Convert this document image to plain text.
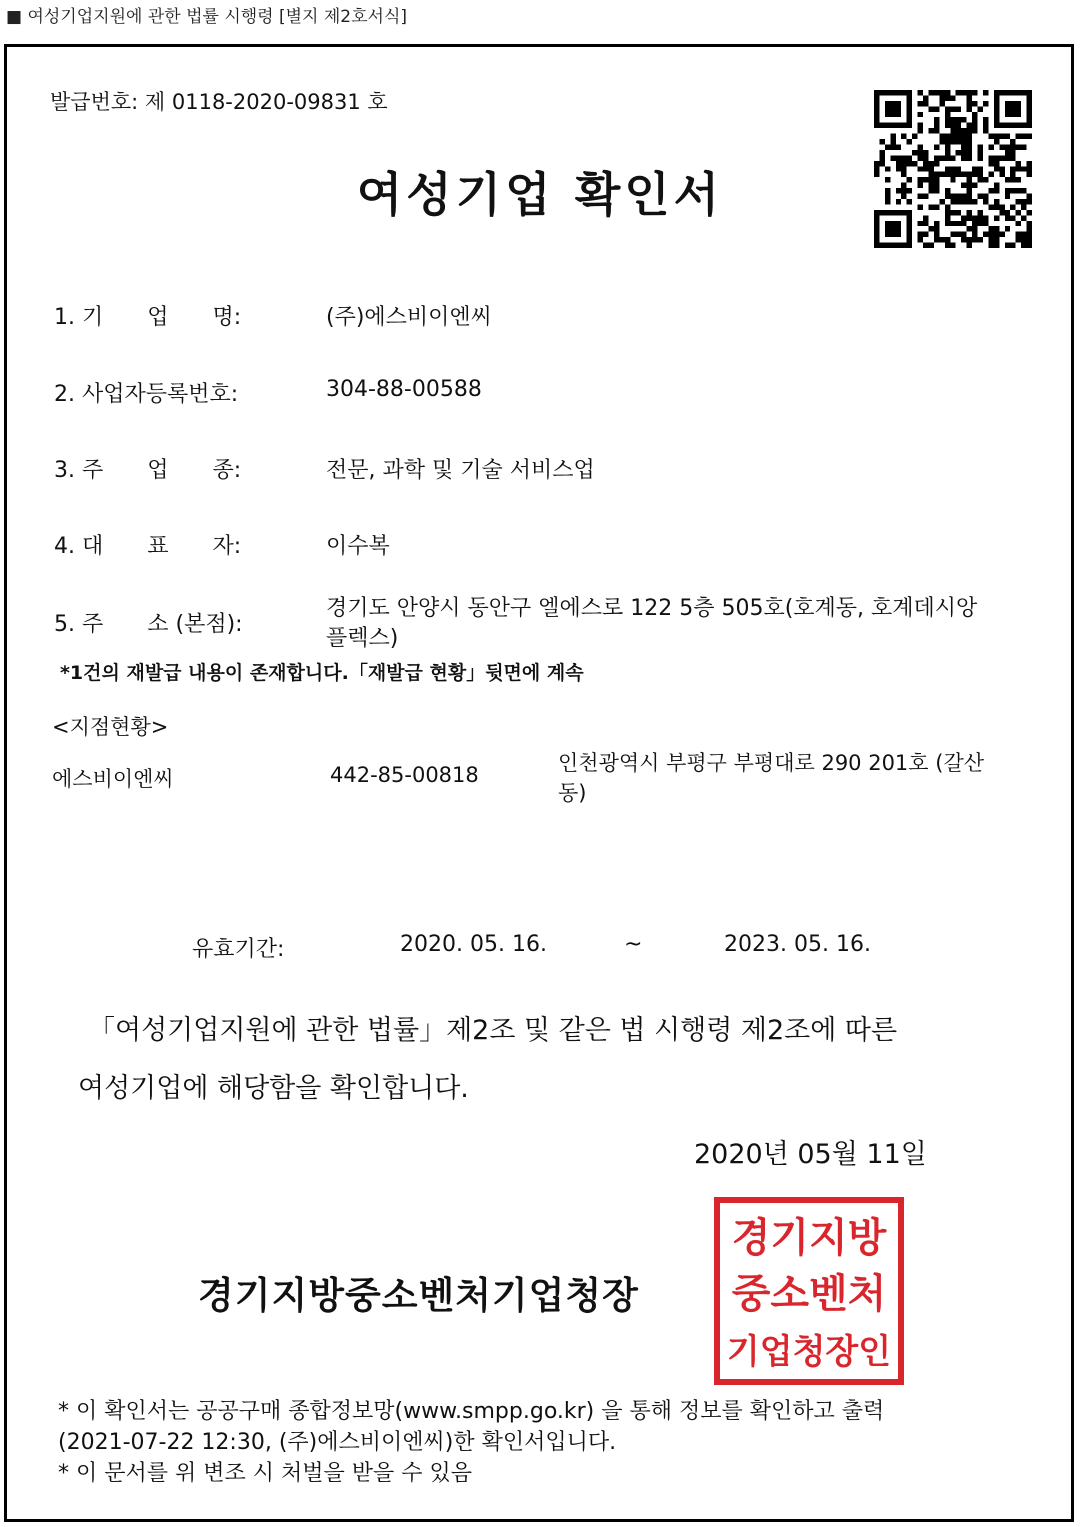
■ 여성기업지원에 관한 법률 시행령 [별지 제2호서식]
발급번호: 제 0118-2020-09831 호
여성기업 확인서
1. 기　　업　　명:	(주)에스비이엔씨
2. 사업자등록번호:	304-88-00588
3. 주　　업　　종:	전문, 과학 및 기술 서비스업
4. 대　　표　　자:	이수복
5. 주　　소 (본점):
경기도 안양시 동안구 엘에스로 122 5층 505호(호계동, 호계데시앙
플렉스)
*1건의 재발급 내용이 존재합니다.「재발급 현황」뒷면에 계속
<지점현황>
에스비이엔씨	442-85-00818	인천광역시 부평구 부평대로 290 201호 (갈산
동)
유효기간:	2020. 05. 16.	~	2023. 05. 16.
「여성기업지원에 관한 법률」제2조 및 같은 법 시행령 제2조에 따른
여성기업에 해당함을 확인합니다.
2020년 05월 11일
경기지방중소벤처기업청장
경기지방
중소벤처
기업청장인
* 이 확인서는 공공구매 종합정보망(www.smpp.go.kr) 을 통해 정보를 확인하고 출력
(2021-07-22 12:30, (주)에스비이엔씨)한 확인서입니다.
* 이 문서를 위 변조 시 처벌을 받을 수 있음
